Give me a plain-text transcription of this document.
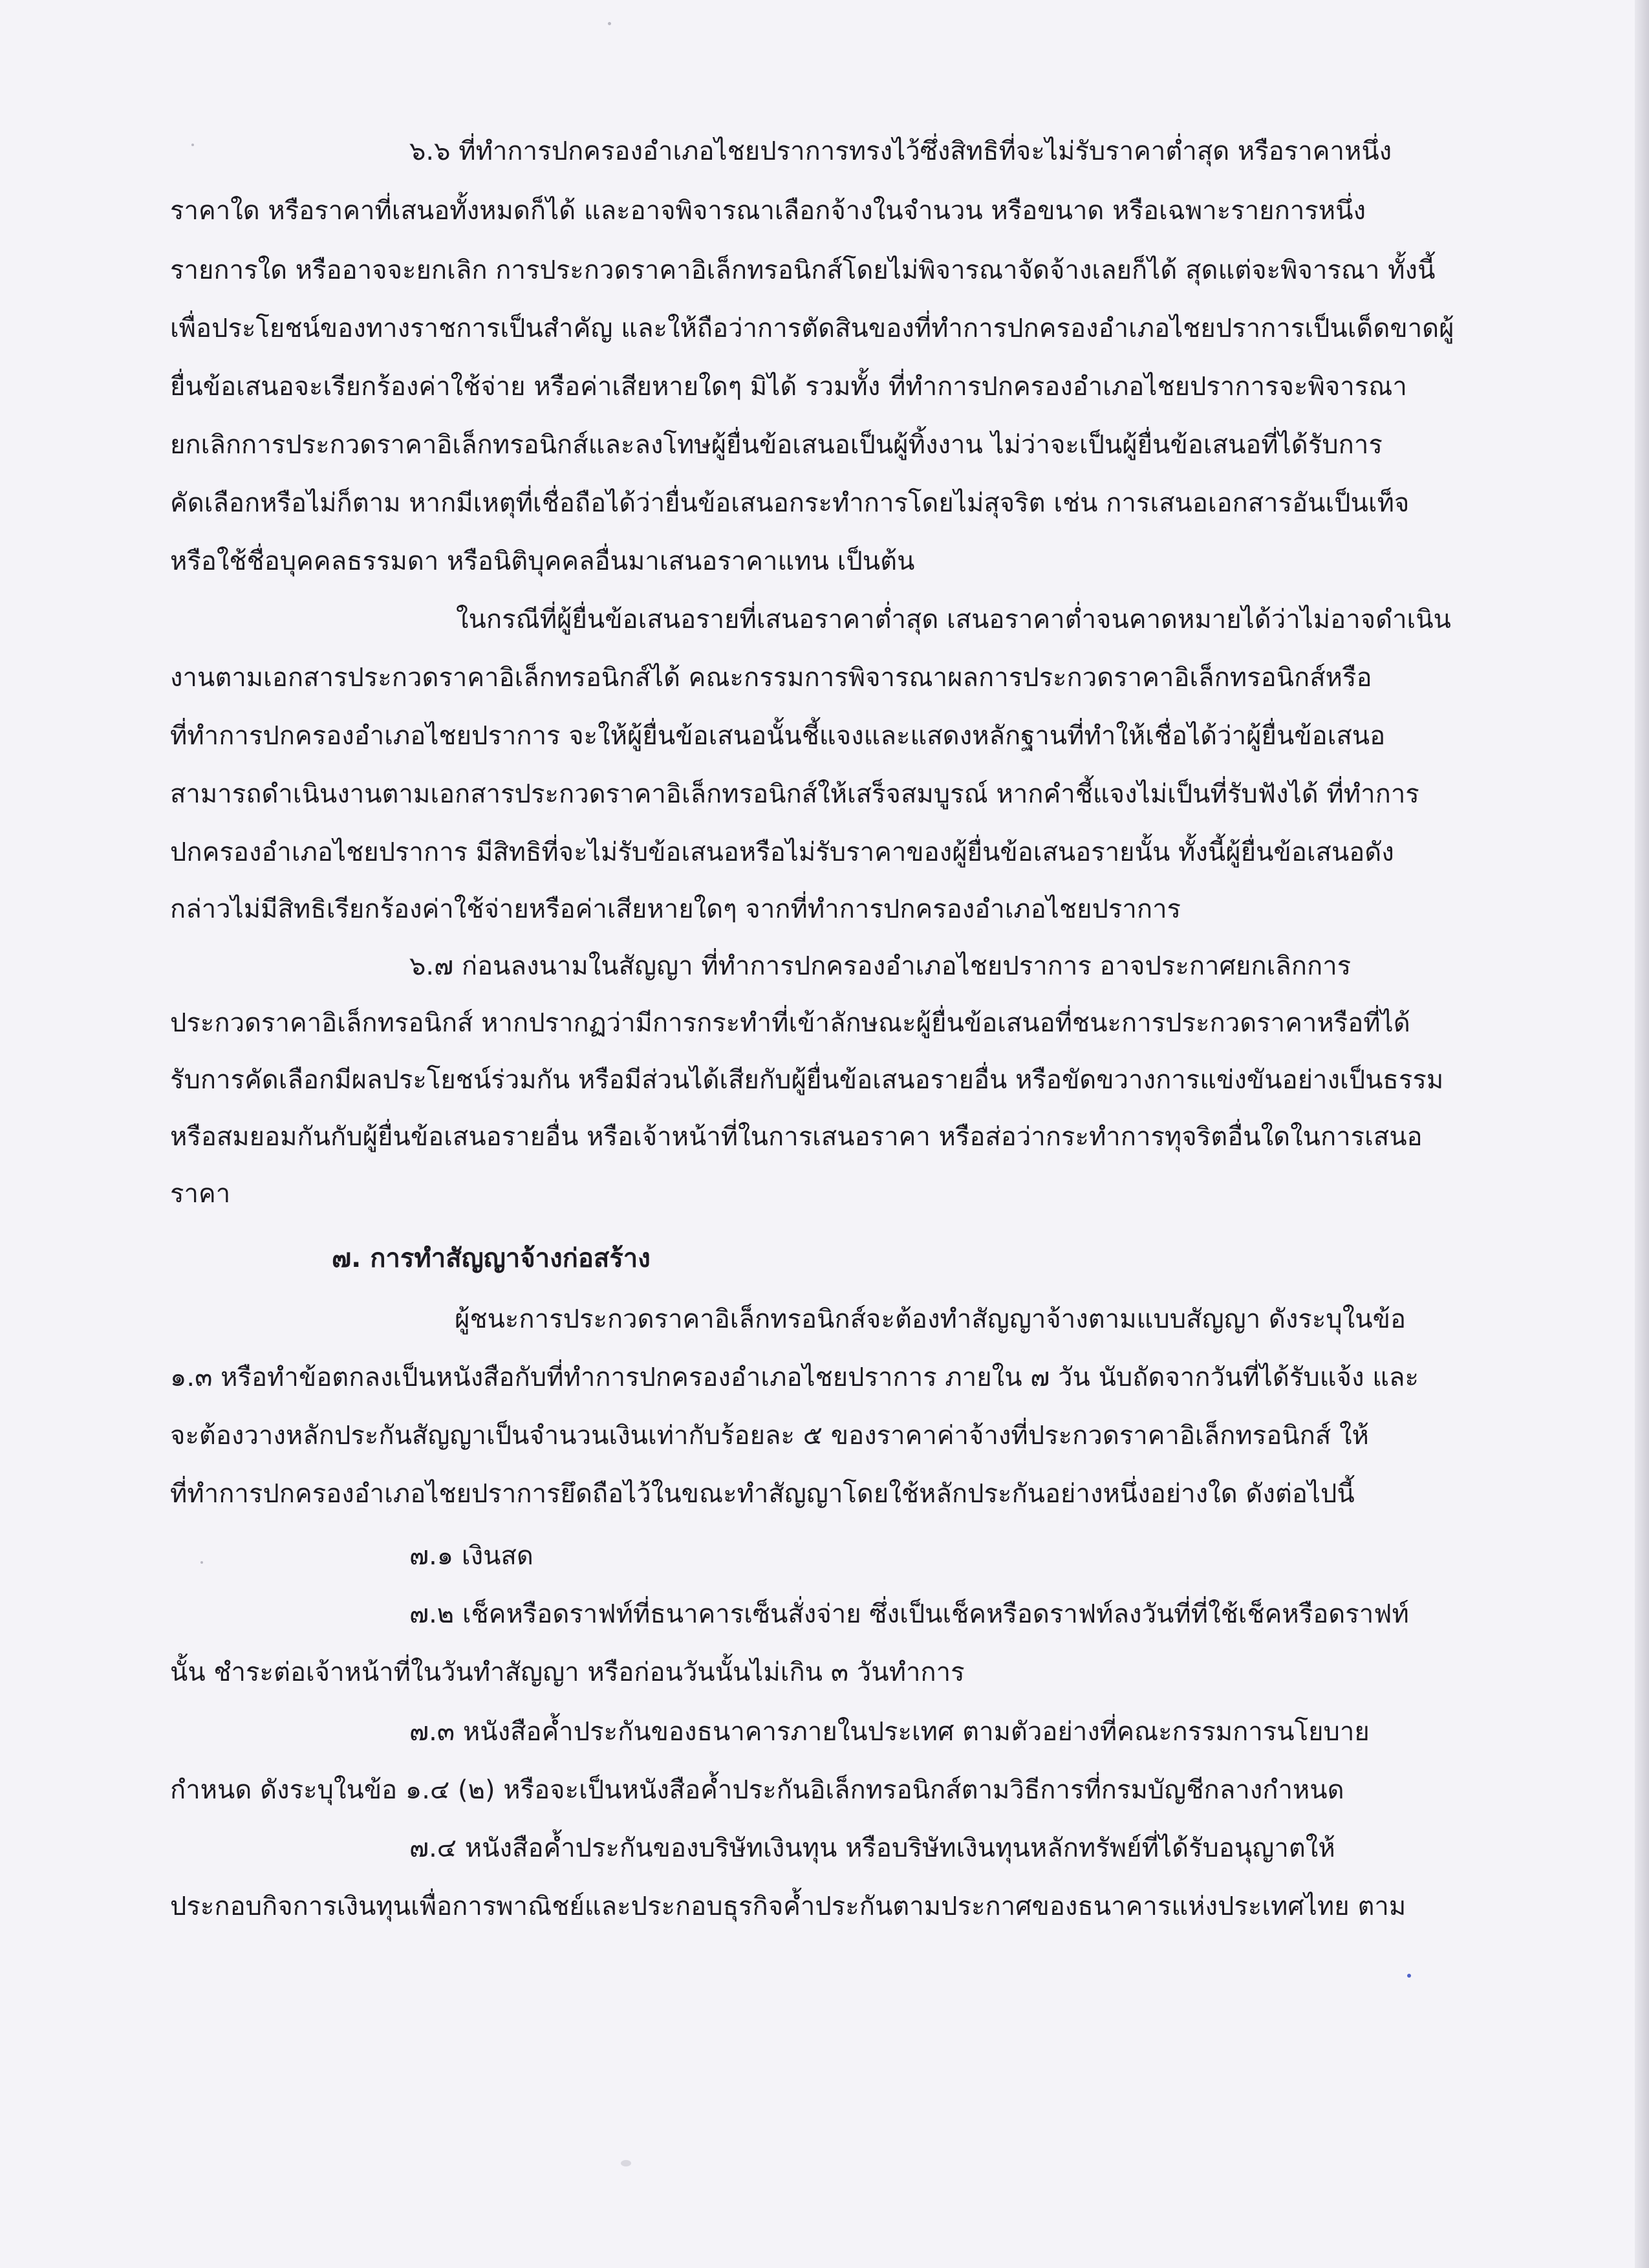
๖.๖ ที่ทำการปกครองอำเภอไชยปราการทรงไว้ซึ่งสิทธิที่จะไม่รับราคาต่ำสุด หรือราคาหนึ่ง
ราคาใด หรือราคาที่เสนอทั้งหมดก็ได้ และอาจพิจารณาเลือกจ้างในจำนวน หรือขนาด หรือเฉพาะรายการหนึ่ง
รายการใด หรืออาจจะยกเลิก การประกวดราคาอิเล็กทรอนิกส์โดยไม่พิจารณาจัดจ้างเลยก็ได้ สุดแต่จะพิจารณา ทั้งนี้
เพื่อประโยชน์ของทางราชการเป็นสำคัญ และให้ถือว่าการตัดสินของที่ทำการปกครองอำเภอไชยปราการเป็นเด็ดขาดผู้
ยื่นข้อเสนอจะเรียกร้องค่าใช้จ่าย หรือค่าเสียหายใดๆ มิได้ รวมทั้ง ที่ทำการปกครองอำเภอไชยปราการจะพิจารณา
ยกเลิกการประกวดราคาอิเล็กทรอนิกส์และลงโทษผู้ยื่นข้อเสนอเป็นผู้ทิ้งงาน ไม่ว่าจะเป็นผู้ยื่นข้อเสนอที่ได้รับการ
คัดเลือกหรือไม่ก็ตาม หากมีเหตุที่เชื่อถือได้ว่ายื่นข้อเสนอกระทำการโดยไม่สุจริต เช่น การเสนอเอกสารอันเป็นเท็จ
หรือใช้ชื่อบุคคลธรรมดา หรือนิติบุคคลอื่นมาเสนอราคาแทน เป็นต้น
ในกรณีที่ผู้ยื่นข้อเสนอรายที่เสนอราคาต่ำสุด เสนอราคาต่ำจนคาดหมายได้ว่าไม่อาจดำเนิน
งานตามเอกสารประกวดราคาอิเล็กทรอนิกส์ได้ คณะกรรมการพิจารณาผลการประกวดราคาอิเล็กทรอนิกส์หรือ
ที่ทำการปกครองอำเภอไชยปราการ จะให้ผู้ยื่นข้อเสนอนั้นชี้แจงและแสดงหลักฐานที่ทำให้เชื่อได้ว่าผู้ยื่นข้อเสนอ
สามารถดำเนินงานตามเอกสารประกวดราคาอิเล็กทรอนิกส์ให้เสร็จสมบูรณ์ หากคำชี้แจงไม่เป็นที่รับฟังได้ ที่ทำการ
ปกครองอำเภอไชยปราการ มีสิทธิที่จะไม่รับข้อเสนอหรือไม่รับราคาของผู้ยื่นข้อเสนอรายนั้น ทั้งนี้ผู้ยื่นข้อเสนอดัง
กล่าวไม่มีสิทธิเรียกร้องค่าใช้จ่ายหรือค่าเสียหายใดๆ จากที่ทำการปกครองอำเภอไชยปราการ
๖.๗ ก่อนลงนามในสัญญา ที่ทำการปกครองอำเภอไชยปราการ อาจประกาศยกเลิกการ
ประกวดราคาอิเล็กทรอนิกส์ หากปรากฏว่ามีการกระทำที่เข้าลักษณะผู้ยื่นข้อเสนอที่ชนะการประกวดราคาหรือที่ได้
รับการคัดเลือกมีผลประโยชน์ร่วมกัน หรือมีส่วนได้เสียกับผู้ยื่นข้อเสนอรายอื่น หรือขัดขวางการแข่งขันอย่างเป็นธรรม
หรือสมยอมกันกับผู้ยื่นข้อเสนอรายอื่น หรือเจ้าหน้าที่ในการเสนอราคา หรือส่อว่ากระทำการทุจริตอื่นใดในการเสนอ
ราคา
๗. การทำสัญญาจ้างก่อสร้าง
ผู้ชนะการประกวดราคาอิเล็กทรอนิกส์จะต้องทำสัญญาจ้างตามแบบสัญญา ดังระบุในข้อ
๑.๓ หรือทำข้อตกลงเป็นหนังสือกับที่ทำการปกครองอำเภอไชยปราการ ภายใน ๗ วัน นับถัดจากวันที่ได้รับแจ้ง และ
จะต้องวางหลักประกันสัญญาเป็นจำนวนเงินเท่ากับร้อยละ ๕ ของราคาค่าจ้างที่ประกวดราคาอิเล็กทรอนิกส์ ให้
ที่ทำการปกครองอำเภอไชยปราการยึดถือไว้ในขณะทำสัญญาโดยใช้หลักประกันอย่างหนึ่งอย่างใด ดังต่อไปนี้
๗.๑ เงินสด
๗.๒ เช็คหรือดราฟท์ที่ธนาคารเซ็นสั่งจ่าย ซึ่งเป็นเช็คหรือดราฟท์ลงวันที่ที่ใช้เช็คหรือดราฟท์
นั้น ชำระต่อเจ้าหน้าที่ในวันทำสัญญา หรือก่อนวันนั้นไม่เกิน ๓ วันทำการ
๗.๓ หนังสือค้ำประกันของธนาคารภายในประเทศ ตามตัวอย่างที่คณะกรรมการนโยบาย
กำหนด ดังระบุในข้อ ๑.๔ (๒) หรือจะเป็นหนังสือค้ำประกันอิเล็กทรอนิกส์ตามวิธีการที่กรมบัญชีกลางกำหนด
๗.๔ หนังสือค้ำประกันของบริษัทเงินทุน หรือบริษัทเงินทุนหลักทรัพย์ที่ได้รับอนุญาตให้
ประกอบกิจการเงินทุนเพื่อการพาณิชย์และประกอบธุรกิจค้ำประกันตามประกาศของธนาคารแห่งประเทศไทย ตาม
